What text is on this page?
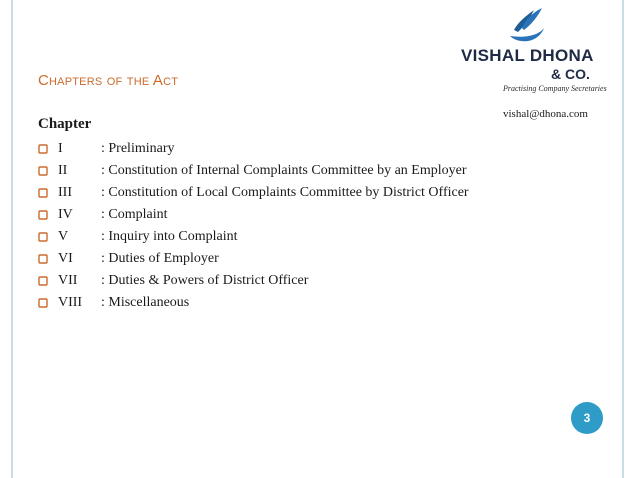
VISHAL DHONA
& CO.
Practising Company Secretaries
vishal@dhona.com
Chapters of the Act
Chapter
I	: Preliminary
II : Constitution of Internal Complaints Committee by an Employer
III : Constitution of Local Complaints Committee by District Officer
IV : Complaint
V : Inquiry into Complaint
VI : Duties of Employer
VII : Duties & Powers of District Officer
VIII : Miscellaneous
3
